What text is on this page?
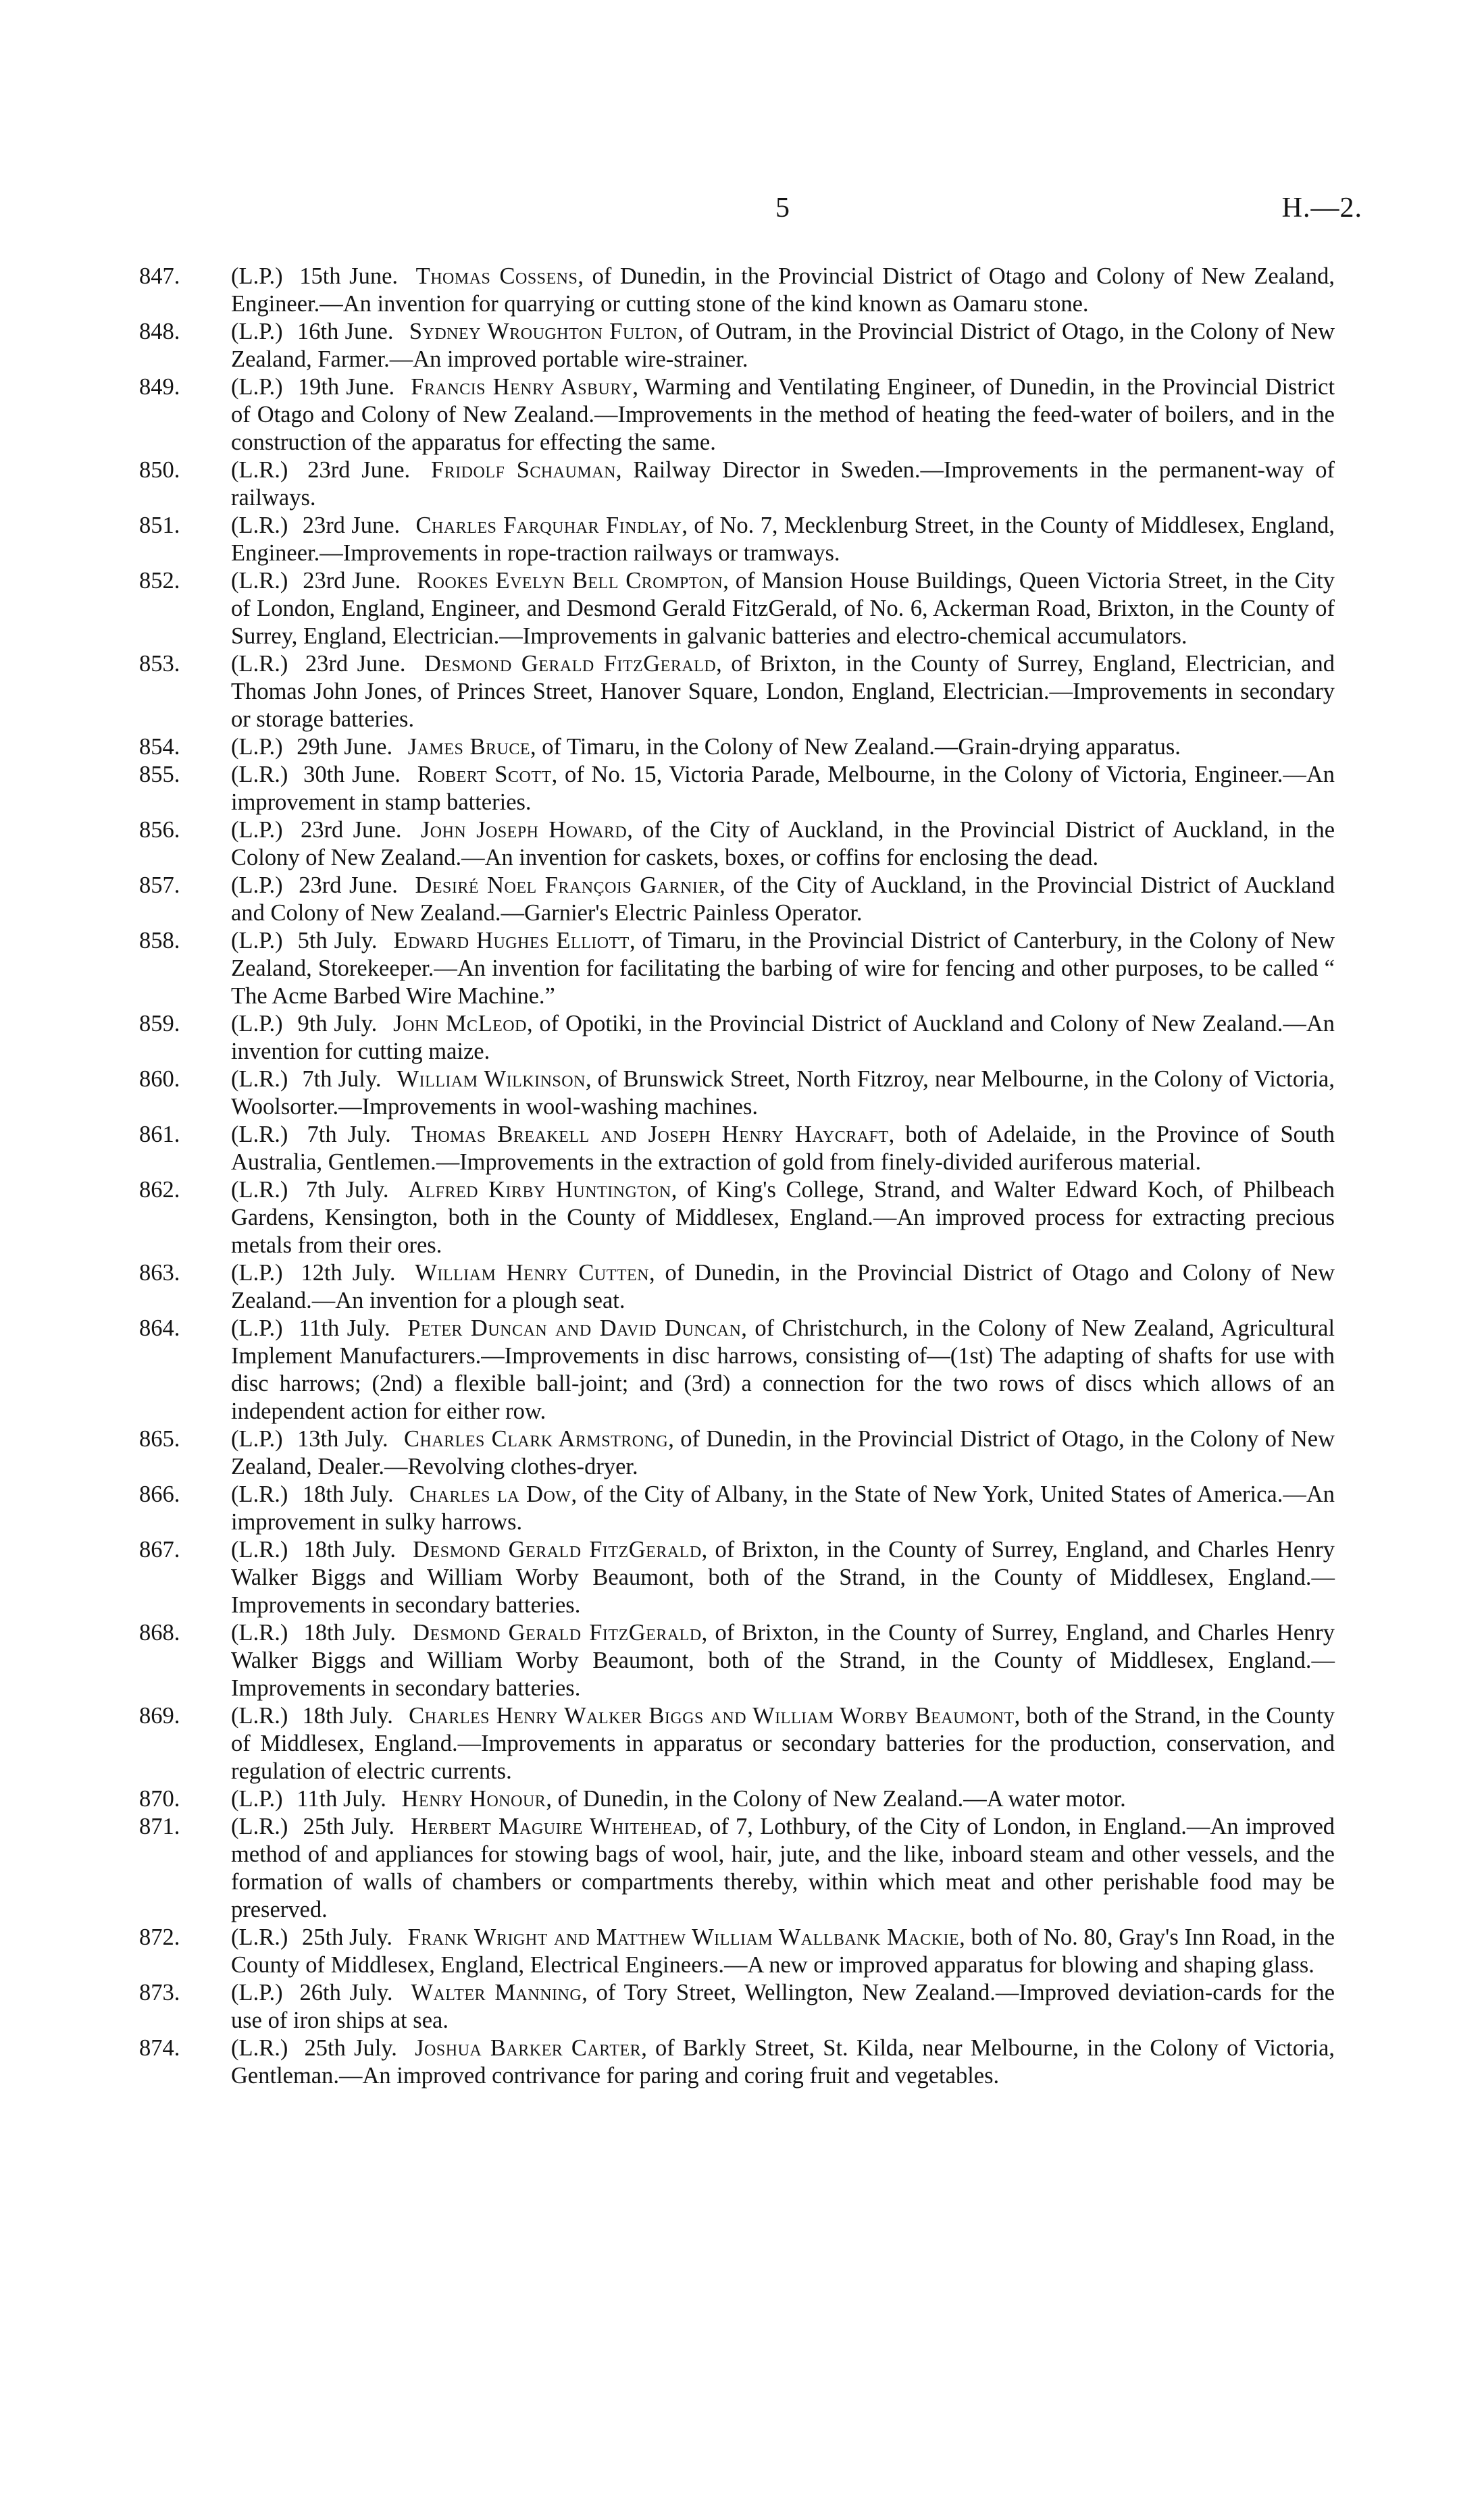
5	H.—2.

847.	(L.P.) 15th June. Thomas Cossens, of Dunedin, in the Provincial District of Otago and Colony of New Zealand, Engineer.—An invention for quarrying or cutting stone of the kind known as Oamaru stone.

848.	(L.P.) 16th June. Sydney Wroughton Fulton, of Outram, in the Provincial District of Otago, in the Colony of New Zealand, Farmer.—An improved portable wire-strainer.

849.	(L.P.) 19th June. Francis Henry Asbury, Warming and Ventilating Engineer, of Dunedin, in the Provincial District of Otago and Colony of New Zealand.—Improvements in the method of heating the feed-water of boilers, and in the construction of the apparatus for effecting the same.

850.	(L.R.) 23rd June. Fridolf Schauman, Railway Director in Sweden.—Improvements in the permanent-way of railways.

851.	(L.R.) 23rd June. Charles Farquhar Findlay, of No. 7, Mecklenburg Street, in the County of Middlesex, England, Engineer.—Improvements in rope-traction railways or tramways.

852.	(L.R.) 23rd June. Rookes Evelyn Bell Crompton, of Mansion House Buildings, Queen Victoria Street, in the City of London, England, Engineer, and Desmond Gerald FitzGerald, of No. 6, Ackerman Road, Brixton, in the County of Surrey, England, Electrician.—Improvements in galvanic batteries and electro-chemical accumulators.

853.	(L.R.) 23rd June. Desmond Gerald FitzGerald, of Brixton, in the County of Surrey, England, Electrician, and Thomas John Jones, of Princes Street, Hanover Square, London, England, Electrician.—Improvements in secondary or storage batteries.

854.	(L.P.) 29th June. James Bruce, of Timaru, in the Colony of New Zealand.—Grain-drying apparatus.

855.	(L.R.) 30th June. Robert Scott, of No. 15, Victoria Parade, Melbourne, in the Colony of Victoria, Engineer.—An improvement in stamp batteries.

856.	(L.P.) 23rd June. John Joseph Howard, of the City of Auckland, in the Provincial District of Auckland, in the Colony of New Zealand.—An invention for caskets, boxes, or coffins for enclosing the dead.

857.	(L.P.) 23rd June. Desiré Noel François Garnier, of the City of Auckland, in the Provincial District of Auckland and Colony of New Zealand.—Garnier's Electric Painless Operator.

858.	(L.P.) 5th July. Edward Hughes Elliott, of Timaru, in the Provincial District of Canterbury, in the Colony of New Zealand, Storekeeper.—An invention for facilitating the barbing of wire for fencing and other purposes, to be called “ The Acme Barbed Wire Machine.”

859.	(L.P.) 9th July. John McLeod, of Opotiki, in the Provincial District of Auckland and Colony of New Zealand.—An invention for cutting maize.

860.	(L.R.) 7th July. William Wilkinson, of Brunswick Street, North Fitzroy, near Melbourne, in the Colony of Victoria, Woolsorter.—Improvements in wool-washing machines.

861.	(L.R.) 7th July. Thomas Breakell and Joseph Henry Haycraft, both of Adelaide, in the Province of South Australia, Gentlemen.—Improvements in the extraction of gold from finely-divided auriferous material.

862.	(L.R.) 7th July. Alfred Kirby Huntington, of King's College, Strand, and Walter Edward Koch, of Philbeach Gardens, Kensington, both in the County of Middlesex, England.—An improved process for extracting precious metals from their ores.

863.	(L.P.) 12th July. William Henry Cutten, of Dunedin, in the Provincial District of Otago and Colony of New Zealand.—An invention for a plough seat.

864.	(L.P.) 11th July. Peter Duncan and David Duncan, of Christchurch, in the Colony of New Zealand, Agricultural Implement Manufacturers.—Improvements in disc harrows, consisting of—(1st) The adapting of shafts for use with disc harrows; (2nd) a flexible ball-joint; and (3rd) a connection for the two rows of discs which allows of an independent action for either row.

865.	(L.P.) 13th July. Charles Clark Armstrong, of Dunedin, in the Provincial District of Otago, in the Colony of New Zealand, Dealer.—Revolving clothes-dryer.

866.	(L.R.) 18th July. Charles la Dow, of the City of Albany, in the State of New York, United States of America.—An improvement in sulky harrows.

867.	(L.R.) 18th July. Desmond Gerald FitzGerald, of Brixton, in the County of Surrey, England, and Charles Henry Walker Biggs and William Worby Beaumont, both of the Strand, in the County of Middlesex, England.—Improvements in secondary batteries.

868.	(L.R.) 18th July. Desmond Gerald FitzGerald, of Brixton, in the County of Surrey, England, and Charles Henry Walker Biggs and William Worby Beaumont, both of the Strand, in the County of Middlesex, England.—Improvements in secondary batteries.

869.	(L.R.) 18th July. Charles Henry Walker Biggs and William Worby Beaumont, both of the Strand, in the County of Middlesex, England.—Improvements in apparatus or secondary batteries for the production, conservation, and regulation of electric currents.

870.	(L.P.) 11th July. Henry Honour, of Dunedin, in the Colony of New Zealand.—A water motor.

871.	(L.R.) 25th July. Herbert Maguire Whitehead, of 7, Lothbury, of the City of London, in England.—An improved method of and appliances for stowing bags of wool, hair, jute, and the like, inboard steam and other vessels, and the formation of walls of chambers or compartments thereby, within which meat and other perishable food may be preserved.

872.	(L.R.) 25th July. Frank Wright and Matthew William Wallbank Mackie, both of No. 80, Gray's Inn Road, in the County of Middlesex, England, Electrical Engineers.—A new or improved apparatus for blowing and shaping glass.

873.	(L.P.) 26th July. Walter Manning, of Tory Street, Wellington, New Zealand.—Improved deviation-cards for the use of iron ships at sea.

874.	(L.R.) 25th July. Joshua Barker Carter, of Barkly Street, St. Kilda, near Melbourne, in the Colony of Victoria, Gentleman.—An improved contrivance for paring and coring fruit and vegetables.
